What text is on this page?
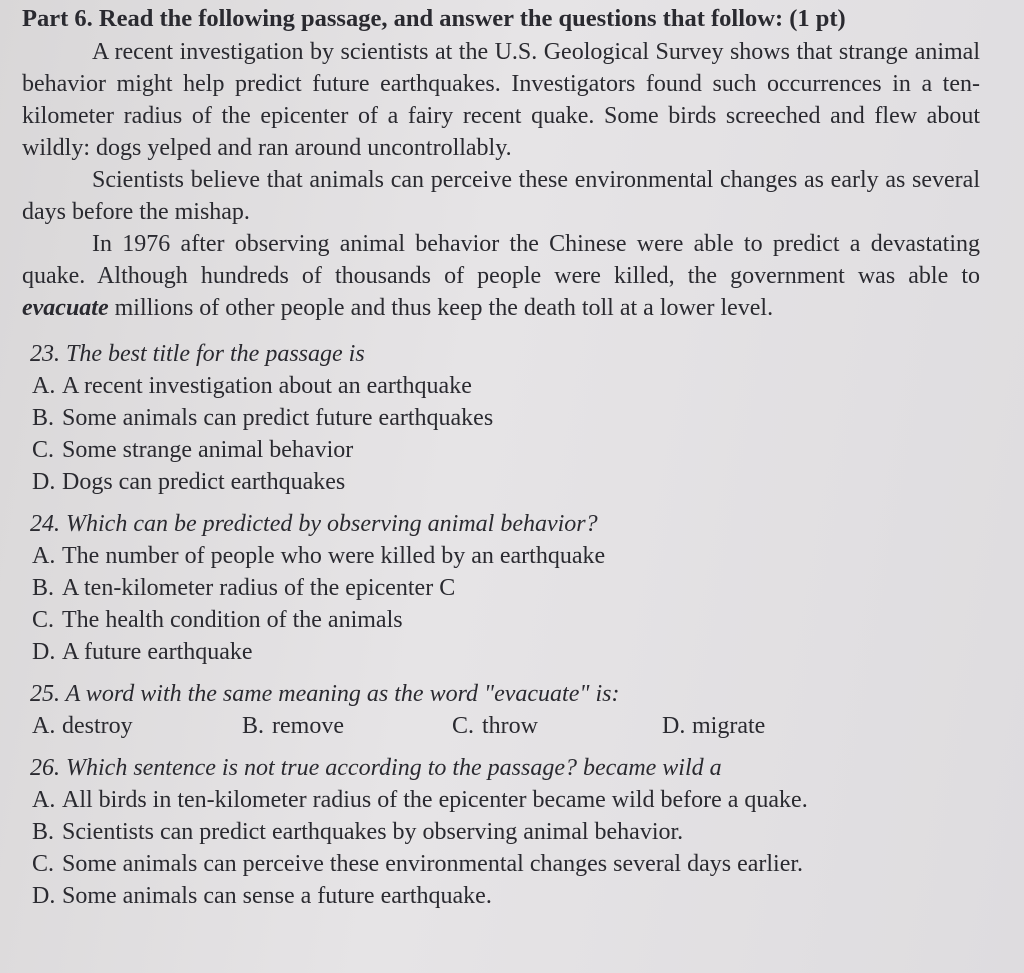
Part 6. Read the following passage, and answer the questions that follow: (1 pt)

A recent investigation by scientists at the U.S. Geological Survey shows that strange animal behavior might help predict future earthquakes. Investigators found such occurrences in a ten-kilometer radius of the epicenter of a fairy recent quake. Some birds screeched and flew about wildly: dogs yelped and ran around uncontrollably.

Scientists believe that animals can perceive these environmental changes as early as several days before the mishap.

In 1976 after observing animal behavior the Chinese were able to predict a devastating quake. Although hundreds of thousands of people were killed, the government was able to evacuate millions of other people and thus keep the death toll at a lower level.

23. The best title for the passage is
A. A recent investigation about an earthquake
B. Some animals can predict future earthquakes
C. Some strange animal behavior
D. Dogs can predict earthquakes
24. Which can be predicted by observing animal behavior?
A. The number of people who were killed by an earthquake
B. A ten-kilometer radius of the epicenter C
C. The health condition of the animals
D. A future earthquake
25. A word with the same meaning as the word "evacuate" is:
A. destroy	B. remove	C. throw	D. migrate
26. Which sentence is not true according to the passage? became wild a
A. All birds in ten-kilometer radius of the epicenter became wild before a quake.
B. Scientists can predict earthquakes by observing animal behavior.
C. Some animals can perceive these environmental changes several days earlier.
D. Some animals can sense a future earthquake.
